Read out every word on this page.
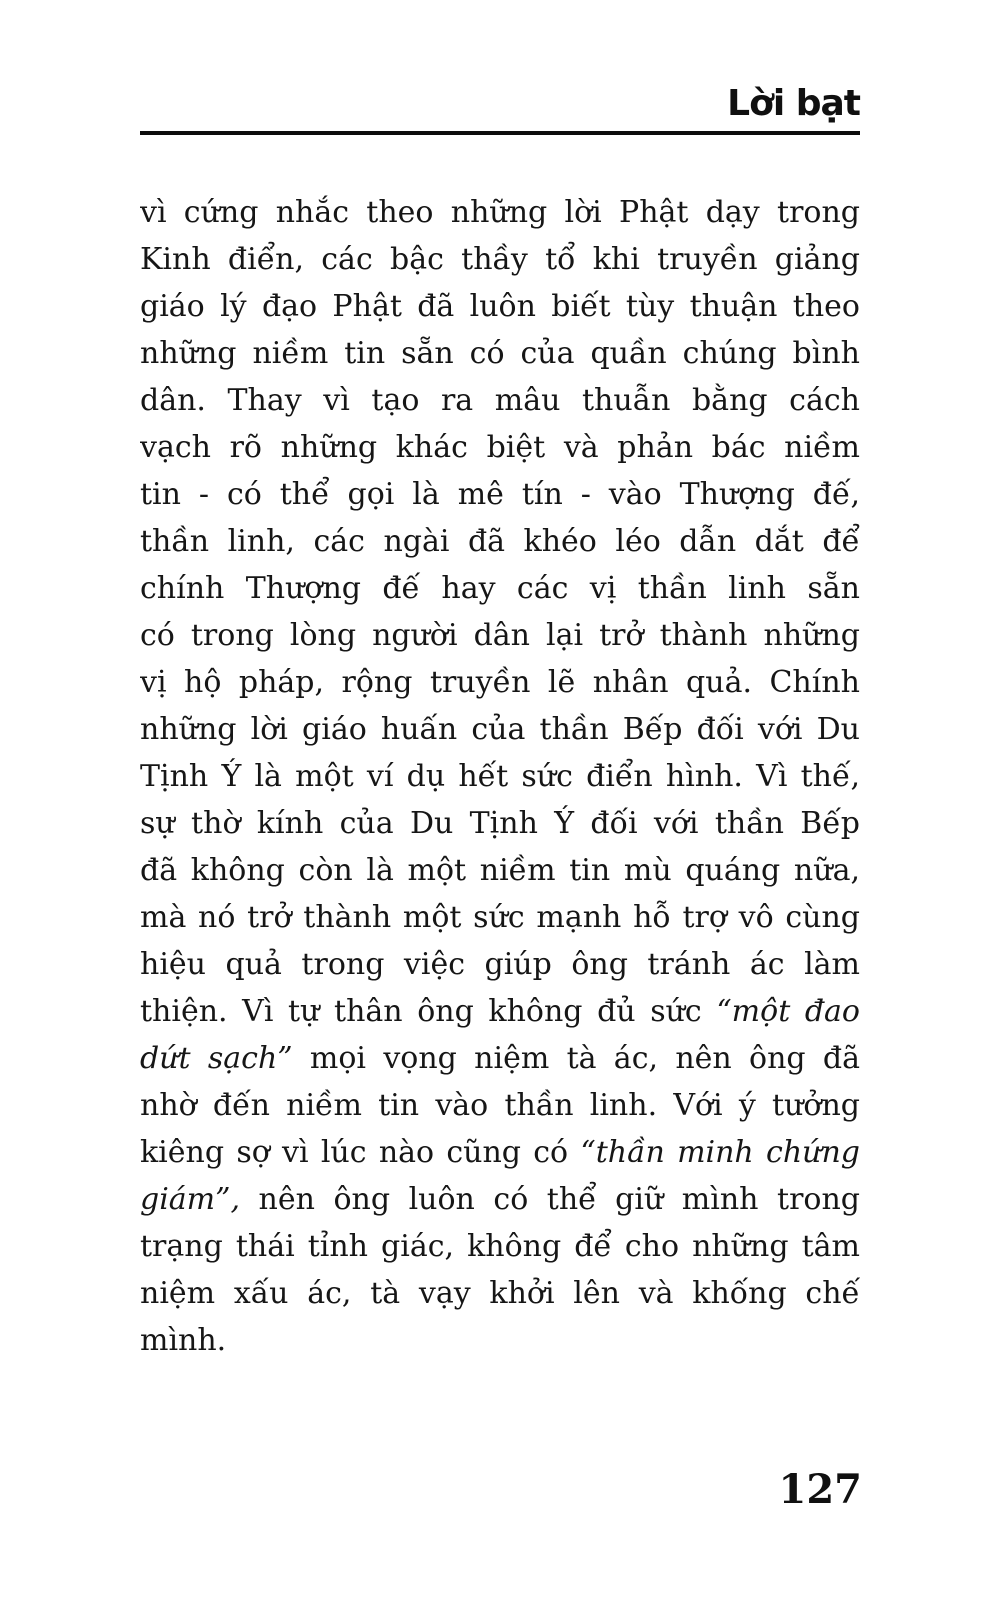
Lời bạt
vì cứng nhắc theo những lời Phật dạy trong
Kinh điển, các bậc thầy tổ khi truyền giảng
giáo lý đạo Phật đã luôn biết tùy thuận theo
những niềm tin sẵn có của quần chúng bình
dân. Thay vì tạo ra mâu thuẫn bằng cách
vạch rõ những khác biệt và phản bác niềm
tin - có thể gọi là mê tín - vào Thượng đế,
thần linh, các ngài đã khéo léo dẫn dắt để
chính Thượng đế hay các vị thần linh sẵn
có trong lòng người dân lại trở thành những
vị hộ pháp, rộng truyền lẽ nhân quả. Chính
những lời giáo huấn của thần Bếp đối với Du
Tịnh Ý là một ví dụ hết sức điển hình. Vì thế,
sự thờ kính của Du Tịnh Ý đối với thần Bếp
đã không còn là một niềm tin mù quáng nữa,
mà nó trở thành một sức mạnh hỗ trợ vô cùng
hiệu quả trong việc giúp ông tránh ác làm
thiện. Vì tự thân ông không đủ sức “một đao
dứt sạch” mọi vọng niệm tà ác, nên ông đã
nhờ đến niềm tin vào thần linh. Với ý tưởng
kiêng sợ vì lúc nào cũng có “thần minh chứng
giám”, nên ông luôn có thể giữ mình trong
trạng thái tỉnh giác, không để cho những tâm
niệm xấu ác, tà vạy khởi lên và khống chế
mình.
127
